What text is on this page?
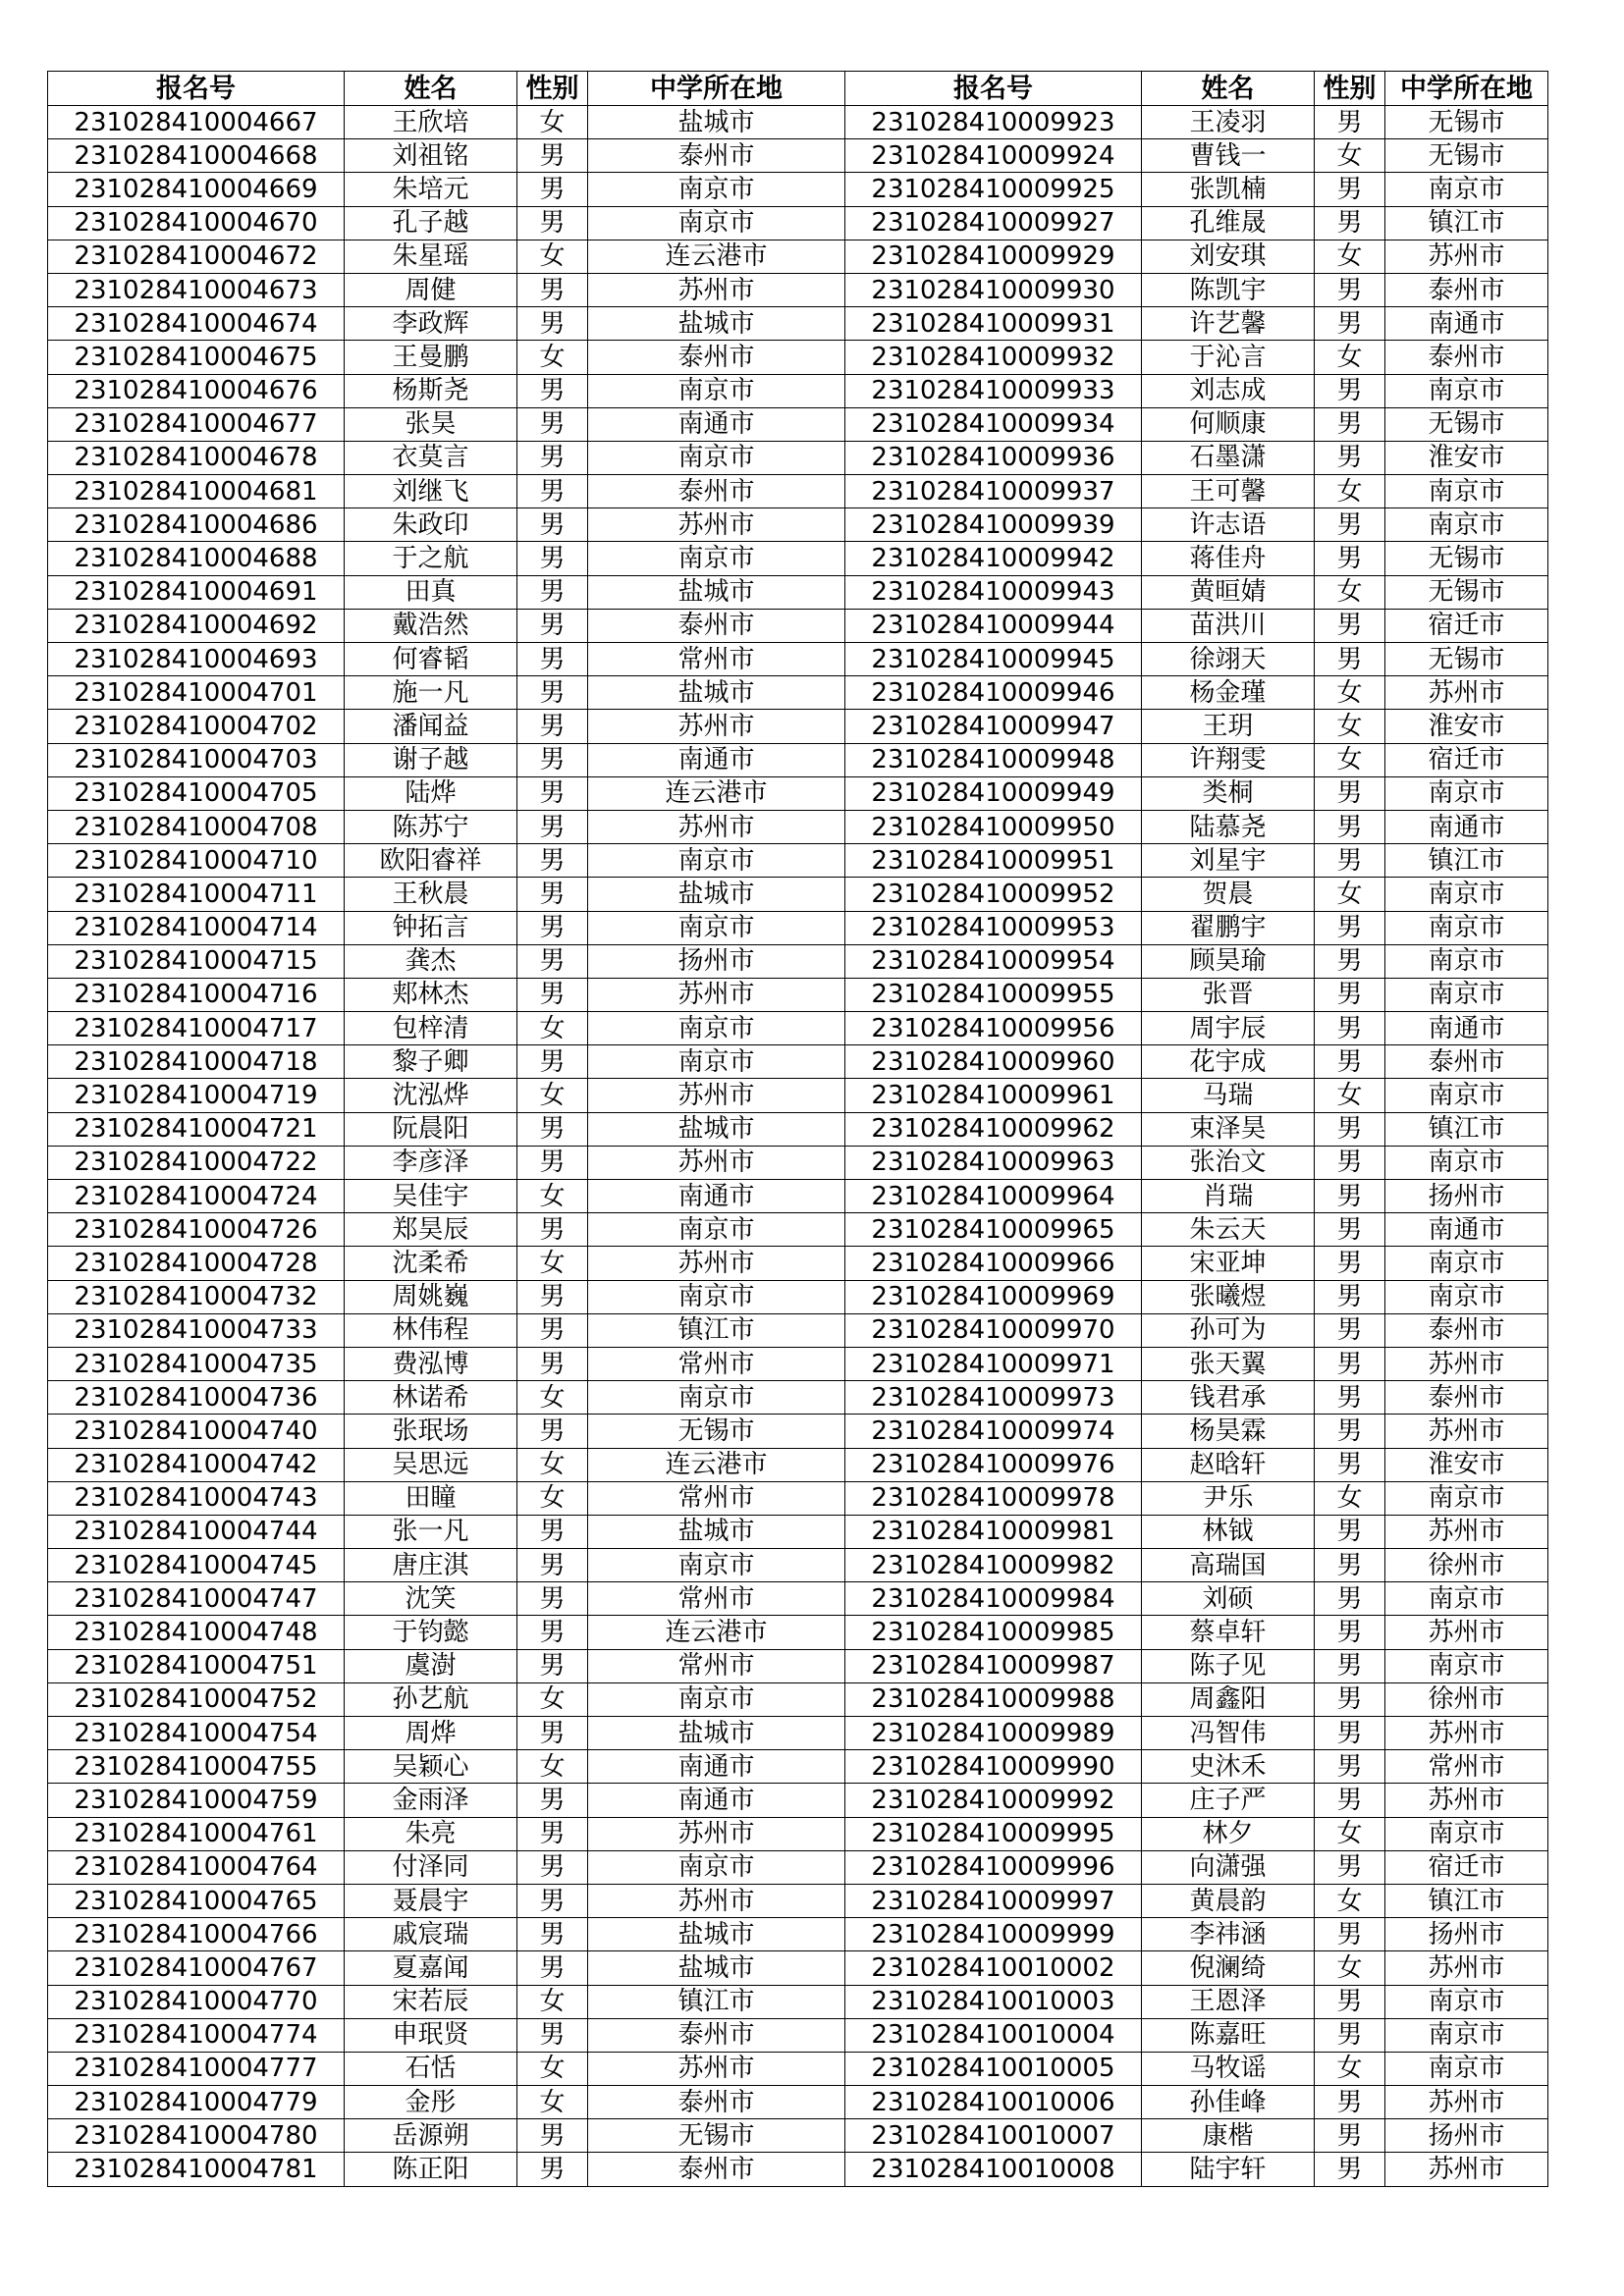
报名号	姓名	性别	中学所在地	报名号	姓名	性别	中学所在地
231028410004667	王欣培	女	盐城市	231028410009923	王凌羽	男	无锡市
231028410004668	刘祖铭	男	泰州市	231028410009924	曹钱一	女	无锡市
231028410004669	朱培元	男	南京市	231028410009925	张凯楠	男	南京市
231028410004670	孔子越	男	南京市	231028410009927	孔维晟	男	镇江市
231028410004672	朱星瑶	女	连云港市	231028410009929	刘安琪	女	苏州市
231028410004673	周健	男	苏州市	231028410009930	陈凯宇	男	泰州市
231028410004674	李政辉	男	盐城市	231028410009931	许艺馨	男	南通市
231028410004675	王曼鹏	女	泰州市	231028410009932	于沁言	女	泰州市
231028410004676	杨斯尧	男	南京市	231028410009933	刘志成	男	南京市
231028410004677	张昊	男	南通市	231028410009934	何顺康	男	无锡市
231028410004678	衣莫言	男	南京市	231028410009936	石墨潇	男	淮安市
231028410004681	刘继飞	男	泰州市	231028410009937	王可馨	女	南京市
231028410004686	朱政印	男	苏州市	231028410009939	许志语	男	南京市
231028410004688	于之航	男	南京市	231028410009942	蒋佳舟	男	无锡市
231028410004691	田真	男	盐城市	231028410009943	黄晅婧	女	无锡市
231028410004692	戴浩然	男	泰州市	231028410009944	苗洪川	男	宿迁市
231028410004693	何睿韬	男	常州市	231028410009945	徐翊天	男	无锡市
231028410004701	施一凡	男	盐城市	231028410009946	杨金瑾	女	苏州市
231028410004702	潘闻益	男	苏州市	231028410009947	王玥	女	淮安市
231028410004703	谢子越	男	南通市	231028410009948	许翔雯	女	宿迁市
231028410004705	陆烨	男	连云港市	231028410009949	类桐	男	南京市
231028410004708	陈苏宁	男	苏州市	231028410009950	陆慕尧	男	南通市
231028410004710	欧阳睿祥	男	南京市	231028410009951	刘星宇	男	镇江市
231028410004711	王秋晨	男	盐城市	231028410009952	贺晨	女	南京市
231028410004714	钟拓言	男	南京市	231028410009953	翟鹏宇	男	南京市
231028410004715	龚杰	男	扬州市	231028410009954	顾昊瑜	男	南京市
231028410004716	郏林杰	男	苏州市	231028410009955	张晋	男	南京市
231028410004717	包梓清	女	南京市	231028410009956	周宇辰	男	南通市
231028410004718	黎子卿	男	南京市	231028410009960	花宇成	男	泰州市
231028410004719	沈泓烨	女	苏州市	231028410009961	马瑞	女	南京市
231028410004721	阮晨阳	男	盐城市	231028410009962	束泽昊	男	镇江市
231028410004722	李彦泽	男	苏州市	231028410009963	张治文	男	南京市
231028410004724	吴佳宇	女	南通市	231028410009964	肖瑞	男	扬州市
231028410004726	郑昊辰	男	南京市	231028410009965	朱云天	男	南通市
231028410004728	沈柔希	女	苏州市	231028410009966	宋亚坤	男	南京市
231028410004732	周姚巍	男	南京市	231028410009969	张曦煜	男	南京市
231028410004733	林伟程	男	镇江市	231028410009970	孙可为	男	泰州市
231028410004735	费泓博	男	常州市	231028410009971	张天翼	男	苏州市
231028410004736	林诺希	女	南京市	231028410009973	钱君承	男	泰州市
231028410004740	张珉场	男	无锡市	231028410009974	杨昊霖	男	苏州市
231028410004742	吴思远	女	连云港市	231028410009976	赵晗轩	男	淮安市
231028410004743	田瞳	女	常州市	231028410009978	尹乐	女	南京市
231028410004744	张一凡	男	盐城市	231028410009981	林钺	男	苏州市
231028410004745	唐庄淇	男	南京市	231028410009982	高瑞国	男	徐州市
231028410004747	沈笑	男	常州市	231028410009984	刘硕	男	南京市
231028410004748	于钧懿	男	连云港市	231028410009985	蔡卓轩	男	苏州市
231028410004751	虞澍	男	常州市	231028410009987	陈子见	男	南京市
231028410004752	孙艺航	女	南京市	231028410009988	周鑫阳	男	徐州市
231028410004754	周烨	男	盐城市	231028410009989	冯智伟	男	苏州市
231028410004755	吴颖心	女	南通市	231028410009990	史沐禾	男	常州市
231028410004759	金雨泽	男	南通市	231028410009992	庄子严	男	苏州市
231028410004761	朱亮	男	苏州市	231028410009995	林夕	女	南京市
231028410004764	付泽同	男	南京市	231028410009996	向潇强	男	宿迁市
231028410004765	聂晨宇	男	苏州市	231028410009997	黄晨韵	女	镇江市
231028410004766	戚宸瑞	男	盐城市	231028410009999	李祎涵	男	扬州市
231028410004767	夏嘉闻	男	盐城市	231028410010002	倪澜绮	女	苏州市
231028410004770	宋若辰	女	镇江市	231028410010003	王恩泽	男	南京市
231028410004774	申珉贤	男	泰州市	231028410010004	陈嘉旺	男	南京市
231028410004777	石恬	女	苏州市	231028410010005	马牧谣	女	南京市
231028410004779	金彤	女	泰州市	231028410010006	孙佳峰	男	苏州市
231028410004780	岳源朔	男	无锡市	231028410010007	康楷	男	扬州市
231028410004781	陈正阳	男	泰州市	231028410010008	陆宇轩	男	苏州市
